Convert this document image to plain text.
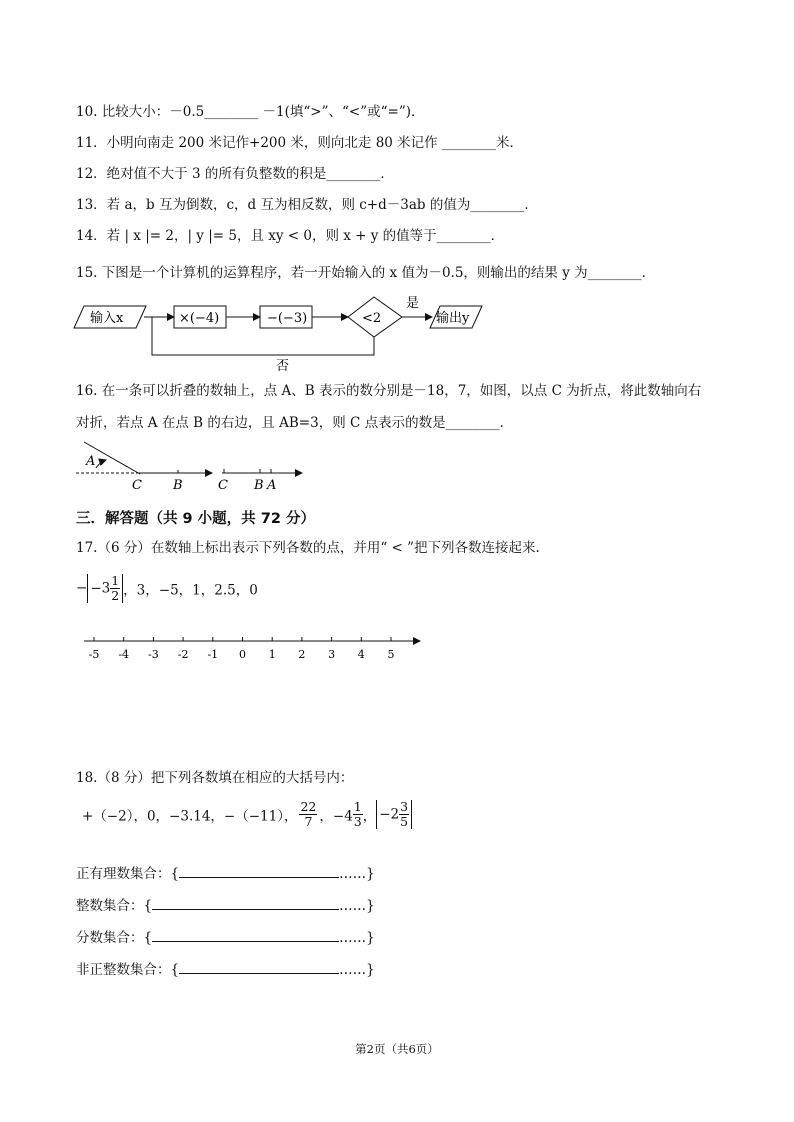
10. 比较大小：－0.5________ －1(填“>”、“<”或“=”)．
11．小明向南走 200 米记作+200 米，则向北走 80 米记作 ________米．
12．绝对值不大于 3 的所有负整数的积是________．
13．若 a，b 互为倒数，c，d 互为相反数，则 c+d－3ab 的值为________．
14．若 | x |= 2，| y |= 5，且 xy < 0，则 x + y 的值等于________．
15. 下图是一个计算机的运算程序，若一开始输入的 x 值为－0.5，则输出的结果 y 为________．
输入x	×(−4)	−(−3)	<2
是
输出y
否
16. 在一条可以折叠的数轴上，点 A、B 表示的数分别是－18，7，如图，以点 C 为折点，将此数轴向右
对折，若点 A 在点 B 的右边，且 AB=3，则 C 点表示的数是________．
A
C B	C B A
三．解答题（共 9 小题，共 72 分）
17.（6 分）在数轴上标出表示下列各数的点，并用“ < ”把下列各数连接起来.
− $-3 \frac{1}{2}$ ，3，−5，1，2.5，0
-5 -4 -3 -2 -1 0 1 2 3 4 5
18.（8 分）把下列各数填在相应的大括号内：
+（−2），0，−3.14，−（−11）， $\frac{22}{7}$ ，$-4 \frac{1}{3}$ ， $-2 \frac{3}{5}$
正有理数集合：{	……}
整数集合：{	……}
分数集合：{	……}
非正整数集合：{	……}
第2页（共6页）
